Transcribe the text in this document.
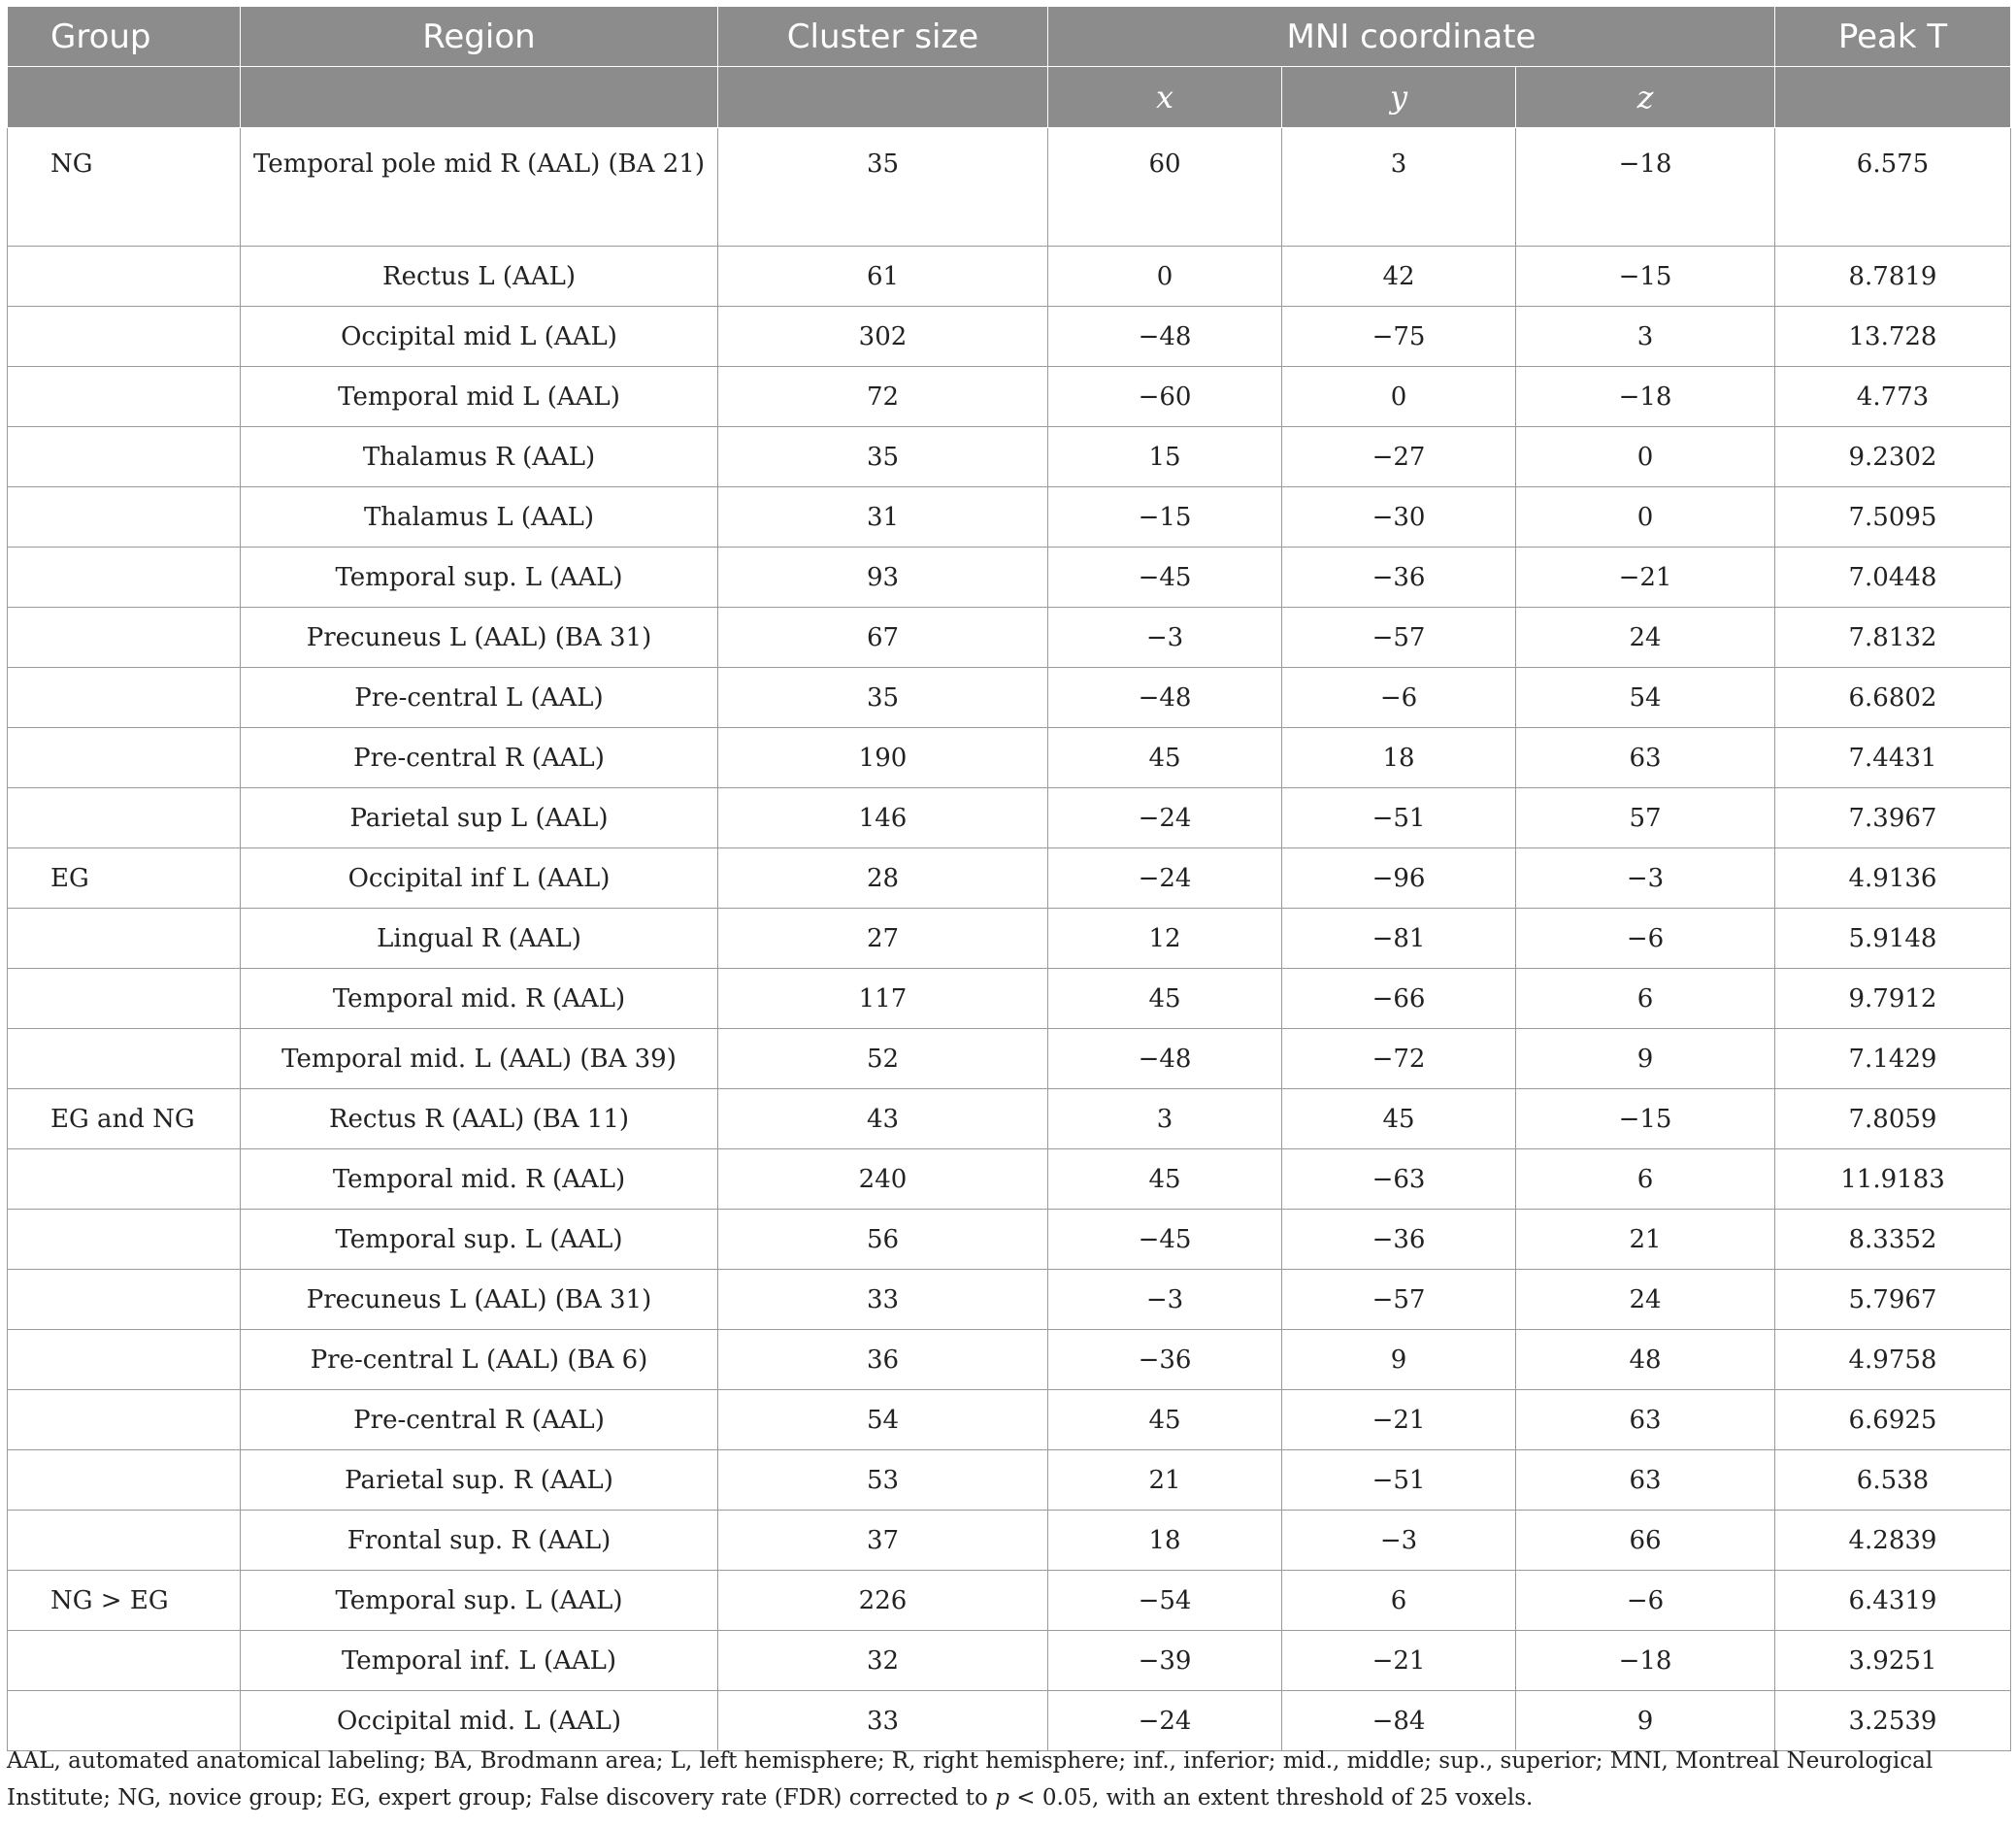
Group	Region	Cluster size	MNI coordinate			Peak T
			x	y	z	
NG	Temporal pole mid R (AAL) (BA 21)	35	60	3	−18	6.575
	Rectus L (AAL)	61	0	42	−15	8.7819
	Occipital mid L (AAL)	302	−48	−75	3	13.728
	Temporal mid L (AAL)	72	−60	0	−18	4.773
	Thalamus R (AAL)	35	15	−27	0	9.2302
	Thalamus L (AAL)	31	−15	−30	0	7.5095
	Temporal sup. L (AAL)	93	−45	−36	−21	7.0448
	Precuneus L (AAL) (BA 31)	67	−3	−57	24	7.8132
	Pre-central L (AAL)	35	−48	−6	54	6.6802
	Pre-central R (AAL)	190	45	18	63	7.4431
	Parietal sup L (AAL)	146	−24	−51	57	7.3967
EG	Occipital inf L (AAL)	28	−24	−96	−3	4.9136
	Lingual R (AAL)	27	12	−81	−6	5.9148
	Temporal mid. R (AAL)	117	45	−66	6	9.7912
	Temporal mid. L (AAL) (BA 39)	52	−48	−72	9	7.1429
EG and NG	Rectus R (AAL) (BA 11)	43	3	45	−15	7.8059
	Temporal mid. R (AAL)	240	45	−63	6	11.9183
	Temporal sup. L (AAL)	56	−45	−36	21	8.3352
	Precuneus L (AAL) (BA 31)	33	−3	−57	24	5.7967
	Pre-central L (AAL) (BA 6)	36	−36	9	48	4.9758
	Pre-central R (AAL)	54	45	−21	63	6.6925
	Parietal sup. R (AAL)	53	21	−51	63	6.538
	Frontal sup. R (AAL)	37	18	−3	66	4.2839
NG > EG	Temporal sup. L (AAL)	226	−54	6	−6	6.4319
	Temporal inf. L (AAL)	32	−39	−21	−18	3.9251
	Occipital mid. L (AAL)	33	−24	−84	9	3.2539
AAL, automated anatomical labeling; BA, Brodmann area; L, left hemisphere; R, right hemisphere; inf., inferior; mid., middle; sup., superior; MNI, Montreal Neurological Institute; NG, novice group; EG, expert group; False discovery rate (FDR) corrected to p < 0.05, with an extent threshold of 25 voxels.
